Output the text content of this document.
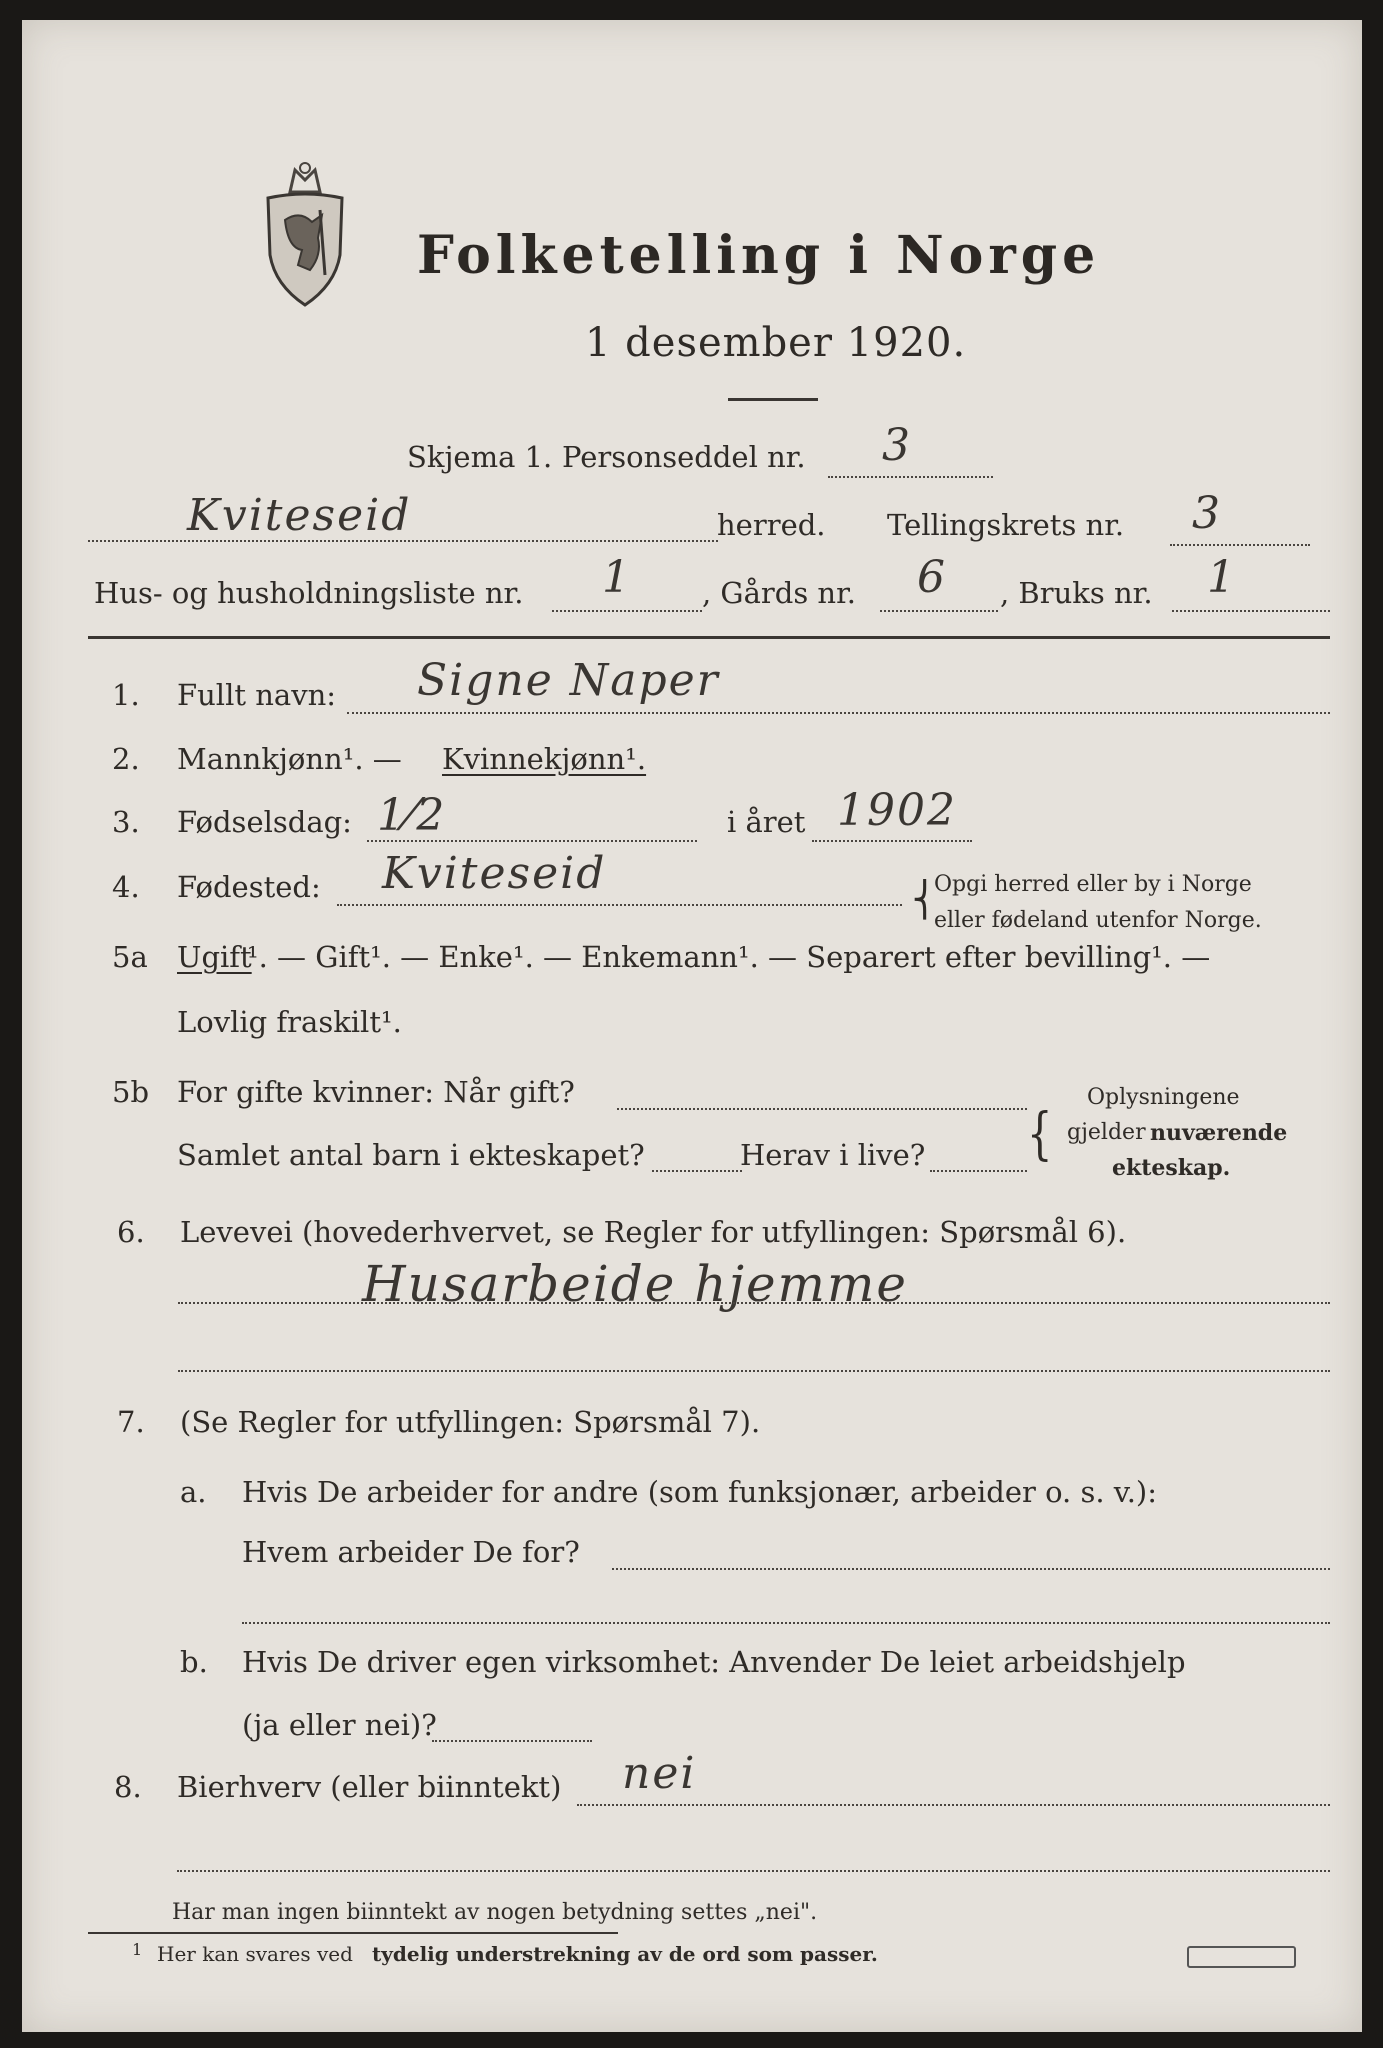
Folketelling i Norge
1 desember 1920.
Skjema 1. Personseddel nr. 3
Kviteseid	herred. Tellingskrets nr. 3
Hus- og husholdningsliste nr. 1 , Gårds nr. 6 , Bruks nr. 1
1. Fullt navn: Signe Naper
2. Mannkjønn¹. — Kvinnekjønn¹.
3. Fødselsdag: 1⁄2	i året 1902
4. Fødested: Kviteseid
⎨
Opgi herred eller by i Norge
eller fødeland utenfor Norge.
5a Ugift
¹. — Gift¹. — Enke¹. — Enkemann¹. — Separert efter bevilling¹. —
Lovlig fraskilt¹.
5b For gifte kvinner: Når gift?
Samlet antal barn i ekteskapet?	Herav i live?	{
Oplysningene
gjelder nuværende
ekteskap.
6. Levevei (hovederhvervet, se Regler for utfyllingen: Spørsmål 6).
Husarbeide hjemme
7. (Se Regler for utfyllingen: Spørsmål 7).
a. Hvis De arbeider for andre (som funksjonær, arbeider o. s. v.):
Hvem arbeider De for?
b. Hvis De driver egen virksomhet: Anvender De leiet arbeidshjelp
(ja eller nei)?
8. Bierhverv (eller biinntekt) nei
Har man ingen biinntekt av nogen betydning settes „nei".
1 Her kan svares ved tydelig understrekning av de ord som passer.
